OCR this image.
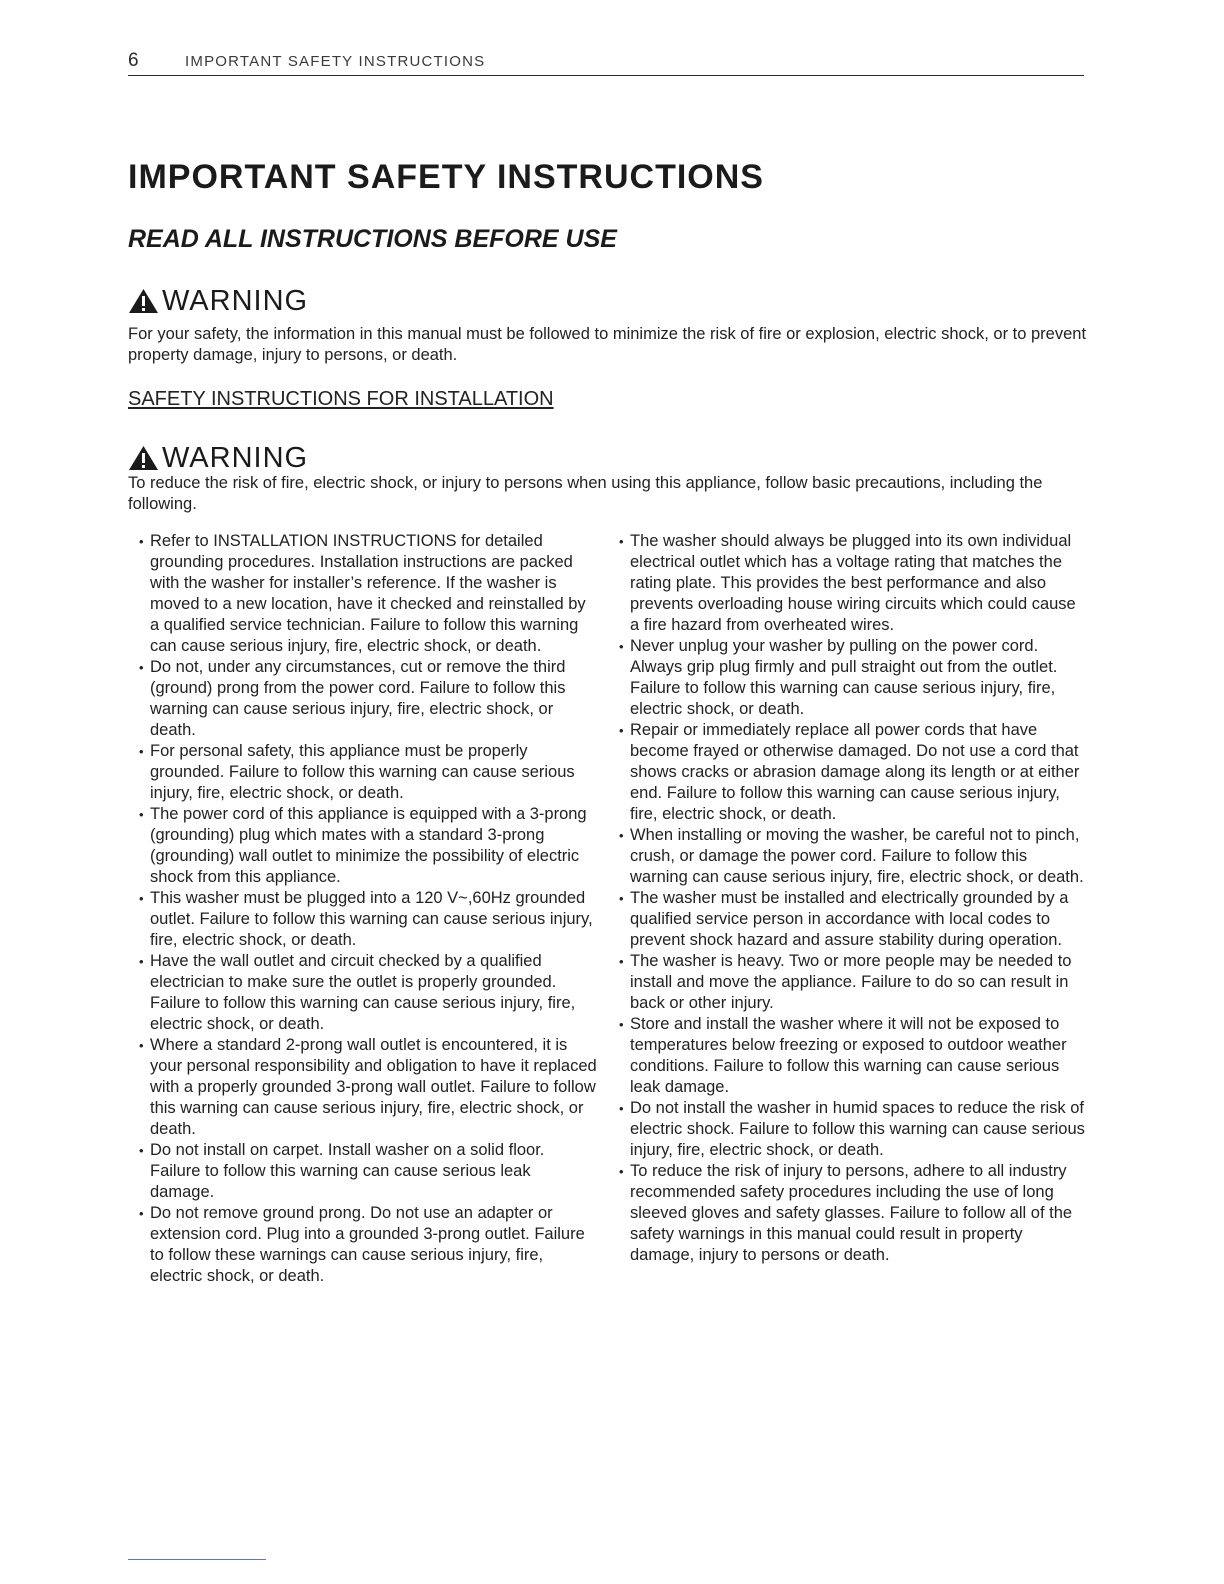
6	IMPORTANT SAFETY INSTRUCTIONS
IMPORTANT SAFETY INSTRUCTIONS
READ ALL INSTRUCTIONS BEFORE USE
WARNING

For your safety, the information in this manual must be followed to minimize the risk of fire or explosion, electric shock, or to prevent property damage, injury to persons, or death.

SAFETY INSTRUCTIONS FOR INSTALLATION

WARNING

To reduce the risk of fire, electric shock, or injury to persons when using this appliance, follow basic precautions, including the following.

• Refer to INSTALLATION INSTRUCTIONS for detailed grounding procedures. Installation instructions are packed with the washer for installer’s reference. If the washer is moved to a new location, have it checked and reinstalled by a qualified service technician. Failure to follow this warning can cause serious injury, fire, electric shock, or death.
• Do not, under any circumstances, cut or remove the third (ground) prong from the power cord. Failure to follow this warning can cause serious injury, fire, electric shock, or death.
• For personal safety, this appliance must be properly grounded. Failure to follow this warning can cause serious injury, fire, electric shock, or death.
• The power cord of this appliance is equipped with a 3-prong (grounding) plug which mates with a standard 3-prong (grounding) wall outlet to minimize the possibility of electric shock from this appliance.
• This washer must be plugged into a 120 V~,60Hz grounded outlet. Failure to follow this warning can cause serious injury, fire, electric shock, or death.
• Have the wall outlet and circuit checked by a qualified electrician to make sure the outlet is properly grounded. Failure to follow this warning can cause serious injury, fire, electric shock, or death.
• Where a standard 2-prong wall outlet is encountered, it is your personal responsibility and obligation to have it replaced with a properly grounded 3-prong wall outlet. Failure to follow this warning can cause serious injury, fire, electric shock, or death.
• Do not install on carpet. Install washer on a solid floor. Failure to follow this warning can cause serious leak damage.
• Do not remove ground prong. Do not use an adapter or extension cord. Plug into a grounded 3-prong outlet. Failure to follow these warnings can cause serious injury, fire, electric shock, or death.
• The washer should always be plugged into its own individual electrical outlet which has a voltage rating that matches the rating plate. This provides the best performance and also prevents overloading house wiring circuits which could cause a fire hazard from overheated wires.
• Never unplug your washer by pulling on the power cord. Always grip plug firmly and pull straight out from the outlet. Failure to follow this warning can cause serious injury, fire, electric shock, or death.
• Repair or immediately replace all power cords that have become frayed or otherwise damaged. Do not use a cord that shows cracks or abrasion damage along its length or at either end. Failure to follow this warning can cause serious injury, fire, electric shock, or death.
• When installing or moving the washer, be careful not to pinch, crush, or damage the power cord. Failure to follow this warning can cause serious injury, fire, electric shock, or death.
• The washer must be installed and electrically grounded by a qualified service person in accordance with local codes to prevent shock hazard and assure stability during operation.
• The washer is heavy. Two or more people may be needed to install and move the appliance. Failure to do so can result in back or other injury.
• Store and install the washer where it will not be exposed to temperatures below freezing or exposed to outdoor weather conditions. Failure to follow this warning can cause serious leak damage.
• Do not install the washer in humid spaces to reduce the risk of electric shock. Failure to follow this warning can cause serious injury, fire, electric shock, or death.
• To reduce the risk of injury to persons, adhere to all industry recommended safety procedures including the use of long sleeved gloves and safety glasses. Failure to follow all of the safety warnings in this manual could result in property damage, injury to persons or death.
